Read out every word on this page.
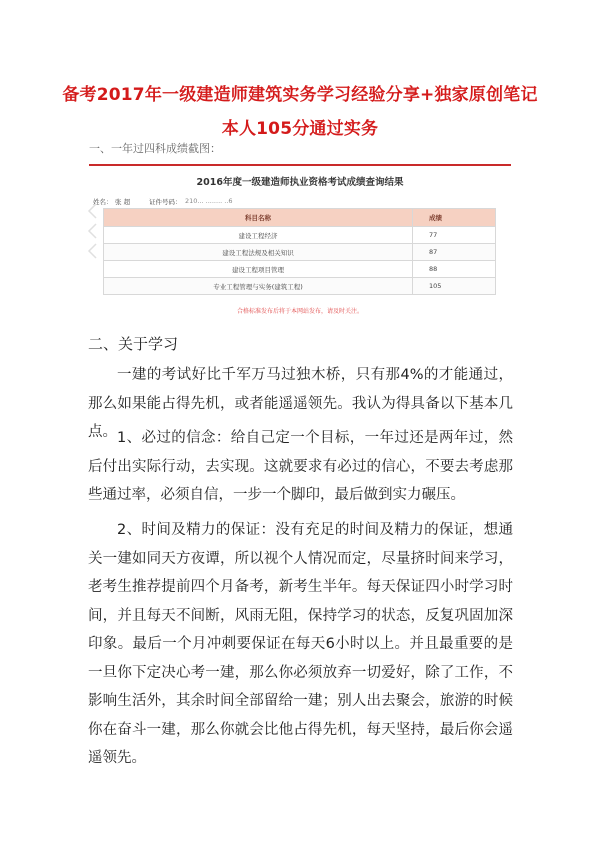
备考2017年一级建造师建筑实务学习经验分享+独家原创笔记
本人105分通过实务
一、一年过四科成绩截图：
2016年度一级建造师执业资格考试成绩查询结果
姓名： 张 超	证件号码： 210... ........ ..6
科目名称	成绩
建设工程经济	77
建设工程法规及相关知识	87
建设工程项目管理	88
专业工程管理与实务(建筑工程)	105
合格标准发布后将于本网站发布，请及时关注。
二、关于学习
一建的考试好比千军万马过独木桥，只有那4%的才能通过，那么如果能占得先机，或者能遥遥领先。我认为得具备以下基本几点。 1、必过的信念：给自己定一个目标，一年过还是两年过，然后付出实际行动，去实现。这就要求有必过的信心，不要去考虑那些通过率，必须自信，一步一个脚印，最后做到实力碾压。
2、时间及精力的保证：没有充足的时间及精力的保证，想通关一建如同天方夜谭，所以视个人情况而定，尽量挤时间来学习，老考生推荐提前四个月备考，新考生半年。每天保证四小时学习时间，并且每天不间断，风雨无阻，保持学习的状态，反复巩固加深印象。最后一个月冲刺要保证在每天6小时以上。并且最重要的是一旦你下定决心考一建，那么你必须放弃一切爱好，除了工作，不影响生活外，其余时间全部留给一建；别人出去聚会，旅游的时候你在奋斗一建，那么你就会比他占得先机，每天坚持，最后你会遥遥领先。
